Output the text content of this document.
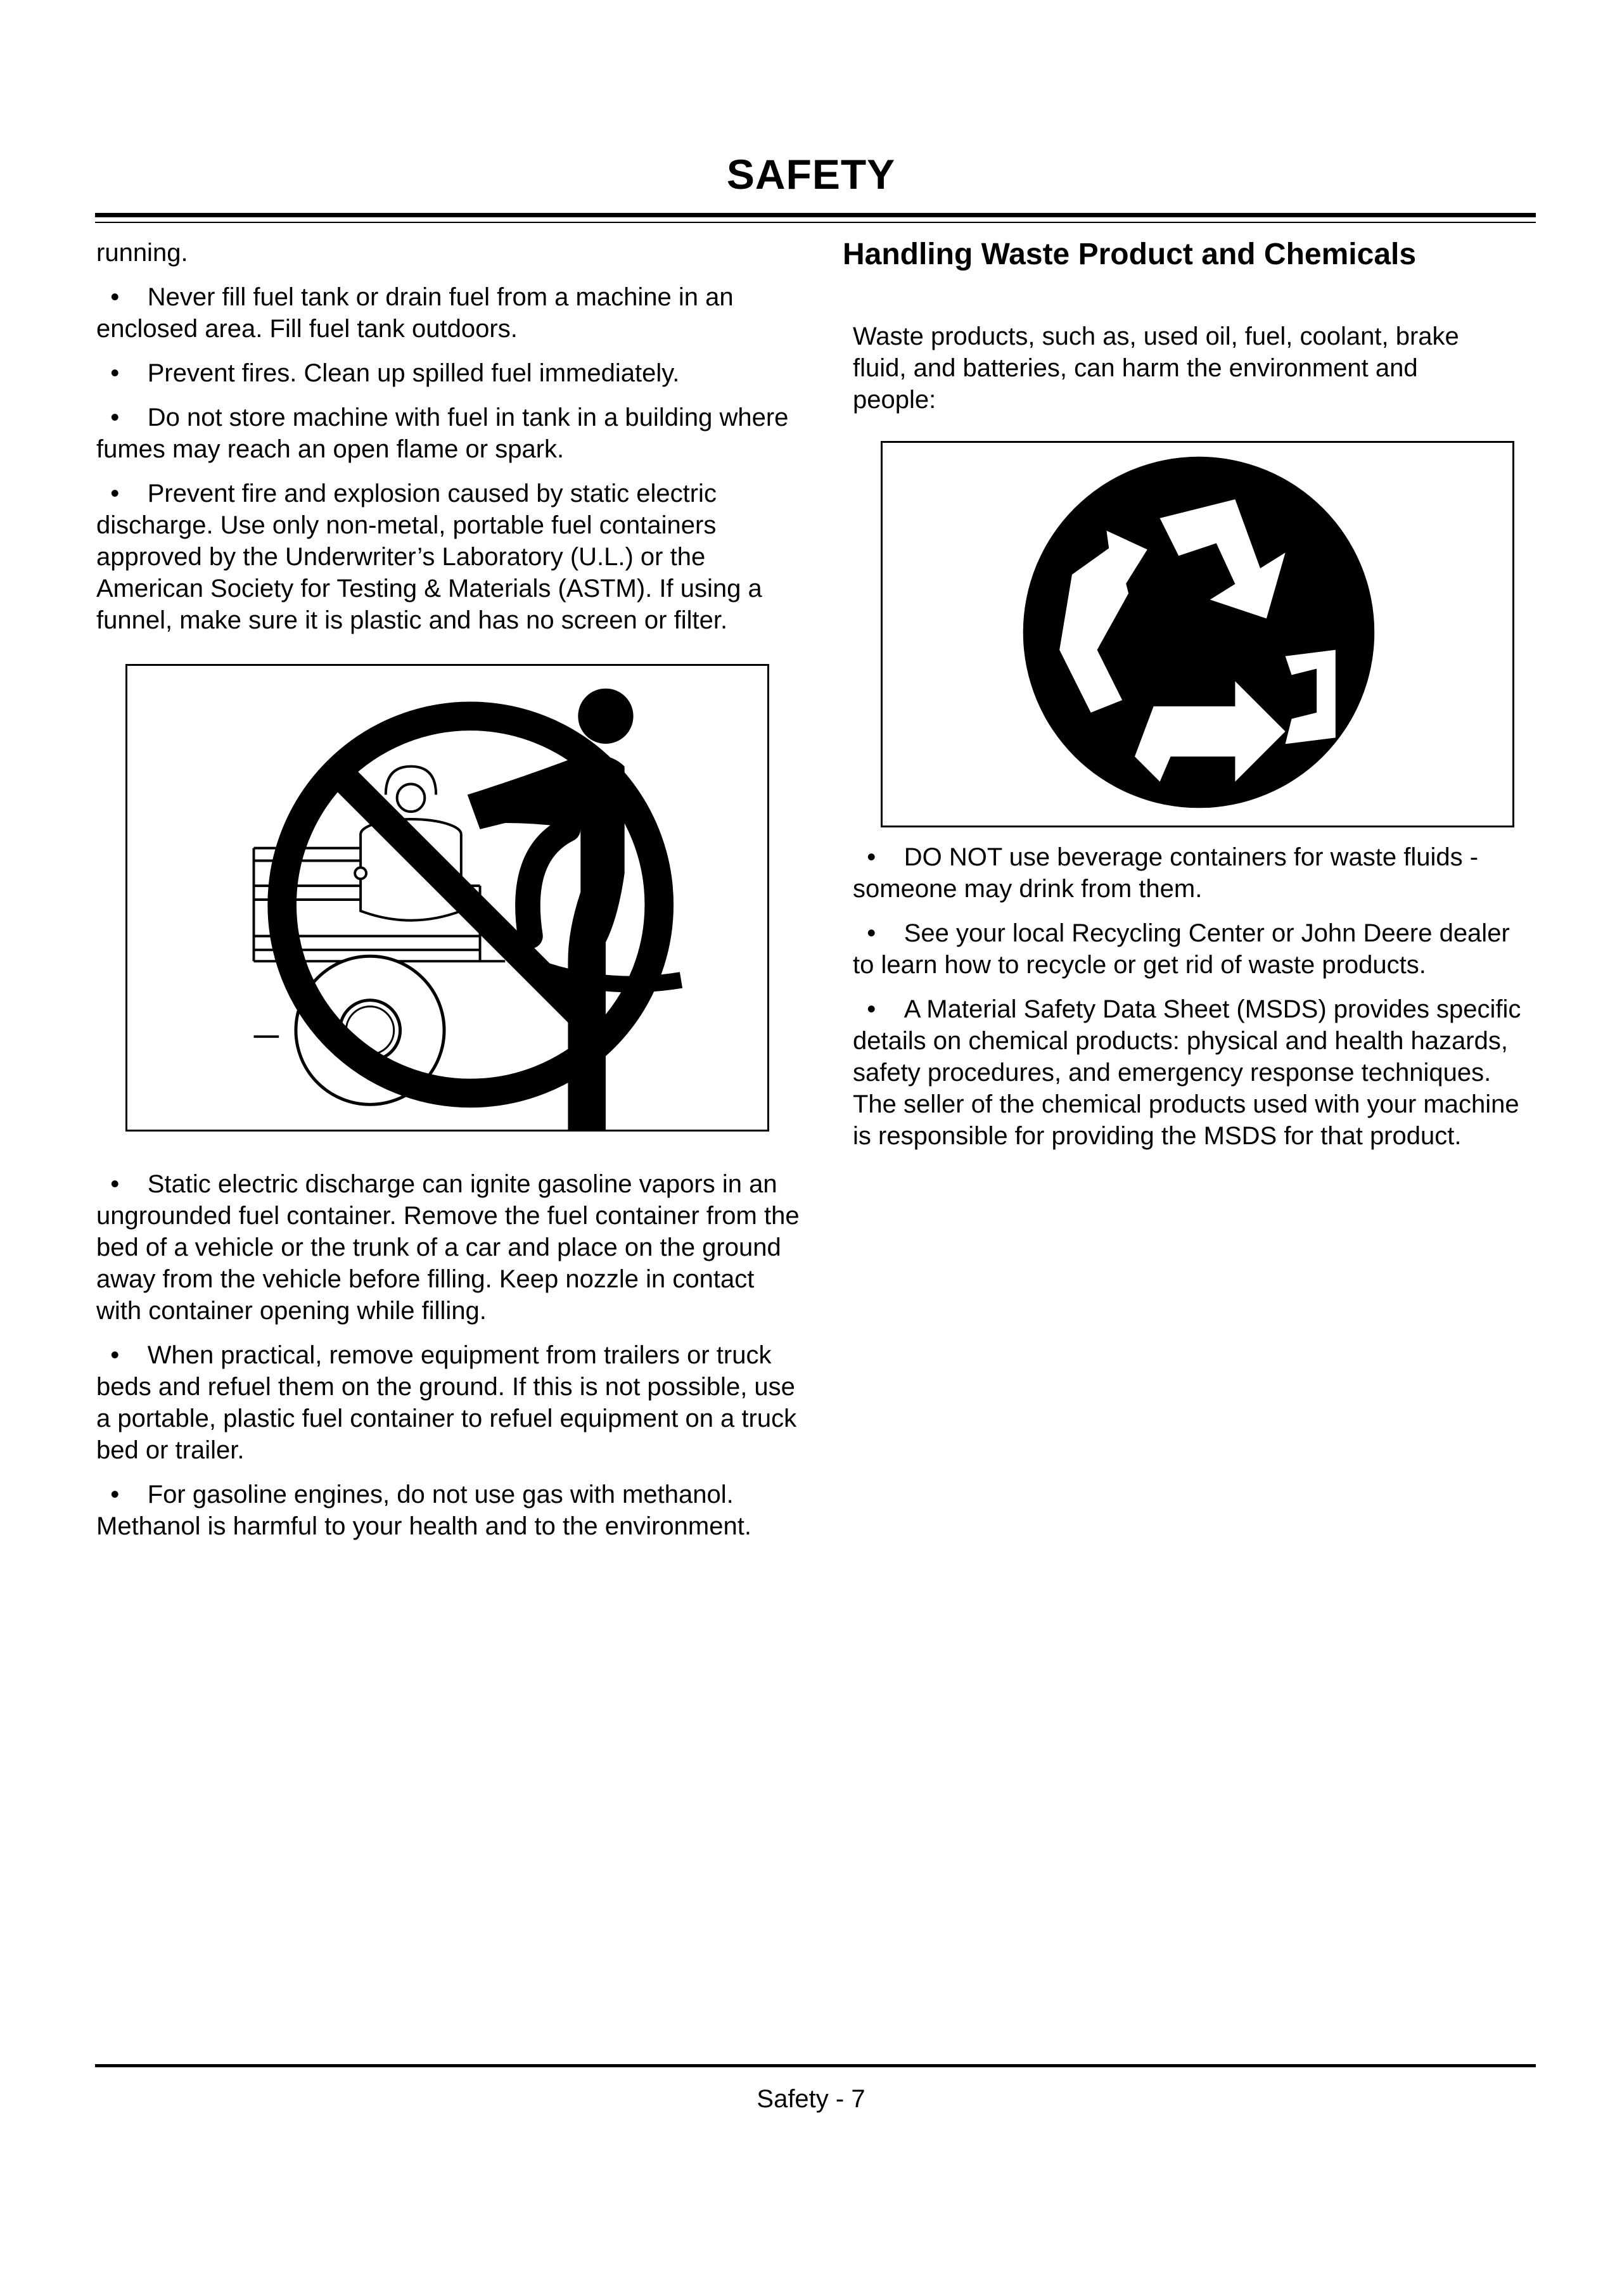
SAFETY

running.

• Never fill fuel tank or drain fuel from a machine in an enclosed area. Fill fuel tank outdoors.

• Prevent fires. Clean up spilled fuel immediately.

• Do not store machine with fuel in tank in a building where fumes may reach an open flame or spark.

• Prevent fire and explosion caused by static electric discharge. Use only non-metal, portable fuel containers approved by the Underwriter’s Laboratory (U.L.) or the American Society for Testing & Materials (ASTM). If using a funnel, make sure it is plastic and has no screen or filter.

• Static electric discharge can ignite gasoline vapors in an ungrounded fuel container. Remove the fuel container from the bed of a vehicle or the trunk of a car and place on the ground away from the vehicle before filling. Keep nozzle in contact with container opening while filling.

• When practical, remove equipment from trailers or truck beds and refuel them on the ground. If this is not possible, use a portable, plastic fuel container to refuel equipment on a truck bed or trailer.

• For gasoline engines, do not use gas with methanol. Methanol is harmful to your health and to the environment.

Handling Waste Product and Chemicals

Waste products, such as, used oil, fuel, coolant, brake fluid, and batteries, can harm the environment and people:

• DO NOT use beverage containers for waste fluids - someone may drink from them.

• See your local Recycling Center or John Deere dealer to learn how to recycle or get rid of waste products.

• A Material Safety Data Sheet (MSDS) provides specific details on chemical products: physical and health hazards, safety procedures, and emergency response techniques. The seller of the chemical products used with your machine is responsible for providing the MSDS for that product.

Safety - 7
